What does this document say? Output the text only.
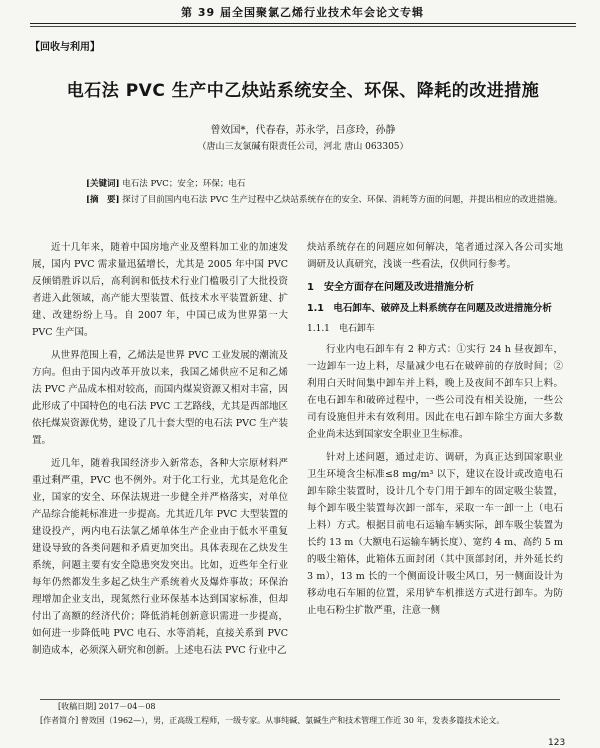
第 39 届全国聚氯乙烯行业技术年会论文专辑
【回收与利用】
电石法 PVC 生产中乙炔站系统安全、环保、降耗的改进措施
曾效国*，代春春，苏永学，吕彦玲，孙静
（唐山三友氯碱有限责任公司，河北 唐山 063305）
[关键词] 电石法 PVC；安全；环保；电石
[摘　要] 探讨了目前国内电石法 PVC 生产过程中乙炔站系统存在的安全、环保、消耗等方面的问题，并提出相应的改进措施。

近十几年来，随着中国房地产业及塑料加工业的加速发展，国内 PVC 需求量迅猛增长，尤其是 2005 年中国 PVC 反倾销胜诉以后，高利润和低技术行业门槛吸引了大批投资者进入此领域，高产能大型装置、低技术水平装置新建、扩建、改建纷纷上马。自 2007 年，中国已成为世界第一大 PVC 生产国。

从世界范围上看，乙烯法是世界 PVC 工业发展的潮流及方向。但由于国内改革开放以来，我国乙烯供应不足和乙烯法 PVC 产品成本相对较高，而国内煤炭资源又相对丰富，因此形成了中国特色的电石法 PVC 工艺路线，尤其是西部地区依托煤炭资源优势，建设了几十套大型的电石法 PVC 生产装置。

近几年，随着我国经济步入新常态，各种大宗原材料严重过剩严重，PVC 也不例外。对于化工行业，尤其是危化企业，国家的安全、环保法规进一步健全并严格落实，对单位产品综合能耗标准进一步提高。尤其近几年 PVC 大型装置的建设投产，两内电石法氯乙烯单体生产企业由于低水平重复建设导致的各类问题和矛盾更加突出。具体表现在乙炔发生系统，问题主要有安全隐患突发突出。比如，近些年全行业每年仍然都发生多起乙炔生产系统着火及爆炸事故；环保治理增加企业支出，现氮然行业环保基本达到国家标准，但却付出了高额的经济代价；降低消耗创新意识需进一步提高，如何进一步降低吨 PVC 电石、水等消耗，直接关系到 PVC 制造成本，必须深入研究和创新。上述电石法 PVC 行业中乙

炔站系统存在的问题应如何解决，笔者通过深入各公司实地调研及认真研究，浅谈一些看法，仅供同行参考。

1　安全方面存在问题及改进措施分析
1.1　电石卸车、破碎及上料系统存在问题及改进措施分析
1.1.1　电石卸车

行业内电石卸车有 2 种方式：①实行 24 h 昼夜卸车，一边卸车一边上料，尽量减少电石在破碎前的存放时间；②利用白天时间集中卸车并上料，晚上及夜间不卸车只上料。在电石卸车和破碎过程中，一些公司没有相关设施，一些公司有设施但并未有效利用。因此在电石卸车除尘方面大多数企业尚未达到国家安全职业卫生标准。

针对上述问题，通过走访、调研，为真正达到国家职业卫生环境含尘标准≤8 mg/m³ 以下，建议在设计或改造电石卸车除尘装置时，设计几个专门用于卸车的固定吸尘装置，每个卸车吸尘装置每次卸一部车，采取一车一卸一上（电石上料）方式。根据目前电石运输车辆实际，卸车吸尘装置为长约 13 m（大额电石运输车辆长度）、宽约 4 m、高约 5 m 的吸尘箱体，此箱体五面封闭（其中顶部封闭，并外延长约 3 m），13 m 长的一个侧面设计吸尘风口，另一侧面设计为移动电石车厢的位置，采用铲车机推送方式进行卸车。为防止电石粉尘扩散严重，注意一侧

[收稿日期] 2017－04－08
[作者简介] 曾效国（1962—），男，正高级工程师，一级专家。从事纯碱、氯碱生产和技术管理工作近 30 年，发表多篇技术论文。
123
